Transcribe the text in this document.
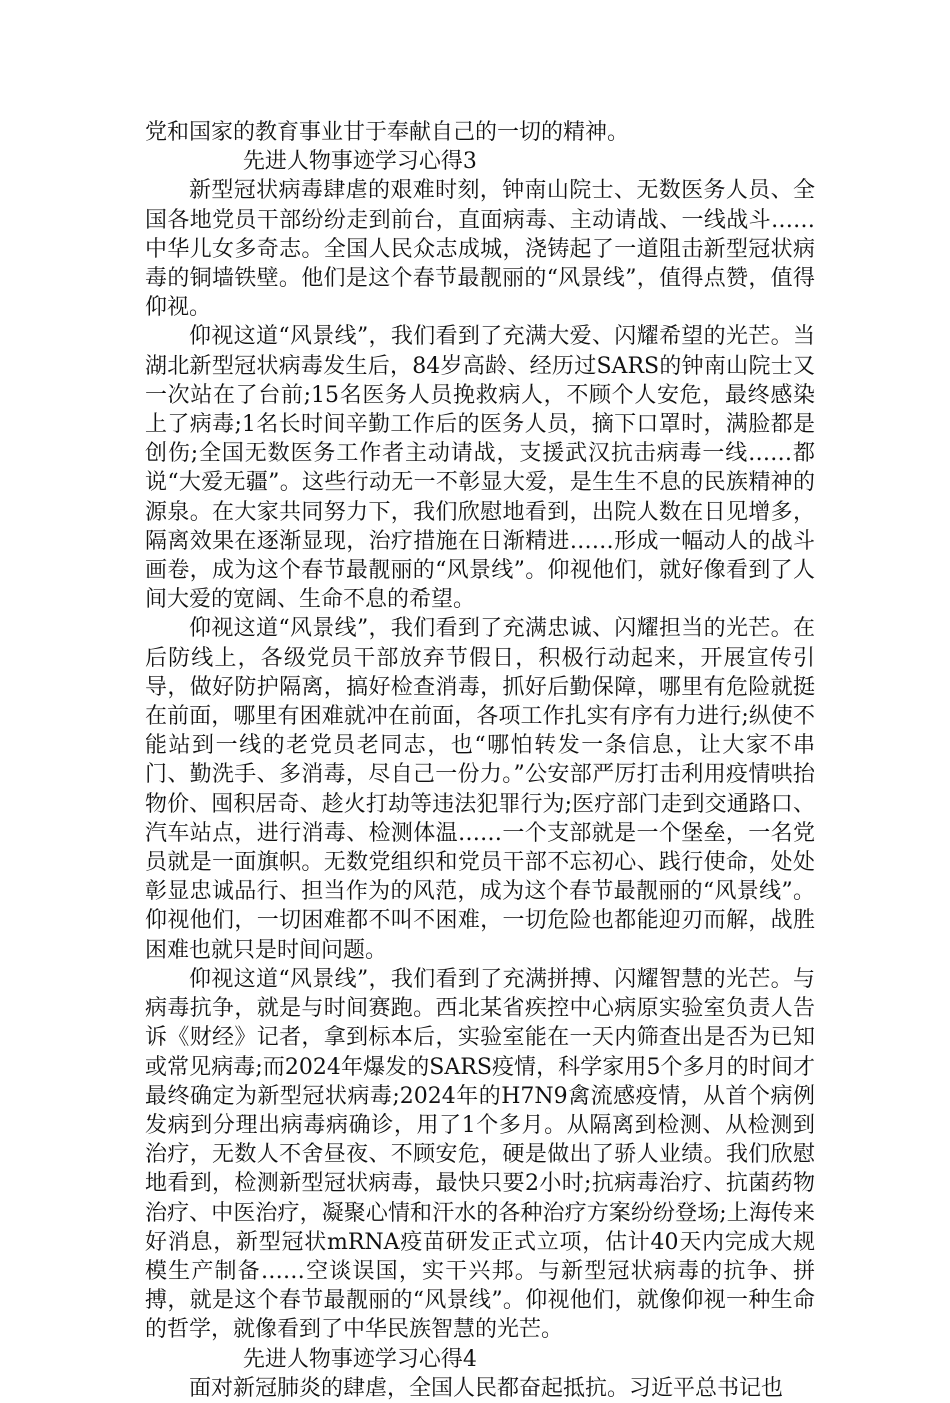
党和国家的教育事业甘于奉献自己的一切的精神。

先进人物事迹学习心得3

新型冠状病毒肆虐的艰难时刻，钟南山院士、无数医务人员、全国各地党员干部纷纷走到前台，直面病毒、主动请战、一线战斗……中华儿女多奇志。全国人民众志成城，浇铸起了一道阻击新型冠状病毒的铜墙铁壁。他们是这个春节最靓丽的“风景线”，值得点赞，值得仰视。

仰视这道“风景线”，我们看到了充满大爱、闪耀希望的光芒。当湖北新型冠状病毒发生后，84岁高龄、经历过SARS的钟南山院士又一次站在了台前;15名医务人员挽救病人，不顾个人安危，最终感染上了病毒;1名长时间辛勤工作后的医务人员，摘下口罩时，满脸都是创伤;全国无数医务工作者主动请战，支援武汉抗击病毒一线……都说“大爱无疆”。这些行动无一不彰显大爱，是生生不息的民族精神的源泉。在大家共同努力下，我们欣慰地看到，出院人数在日见增多，隔离效果在逐渐显现，治疗措施在日渐精进……形成一幅动人的战斗画卷，成为这个春节最靓丽的“风景线”。仰视他们，就好像看到了人间大爱的宽阔、生命不息的希望。

仰视这道“风景线”，我们看到了充满忠诚、闪耀担当的光芒。在后防线上，各级党员干部放弃节假日，积极行动起来，开展宣传引导，做好防护隔离，搞好检查消毒，抓好后勤保障，哪里有危险就挺在前面，哪里有困难就冲在前面，各项工作扎实有序有力进行;纵使不能站到一线的老党员老同志，也“哪怕转发一条信息，让大家不串门、勤洗手、多消毒，尽自己一份力。”公安部严厉打击利用疫情哄抬物价、囤积居奇、趁火打劫等违法犯罪行为;医疗部门走到交通路口、汽车站点，进行消毒、检测体温……一个支部就是一个堡垒，一名党员就是一面旗帜。无数党组织和党员干部不忘初心、践行使命，处处彰显忠诚品行、担当作为的风范，成为这个春节最靓丽的“风景线”。仰视他们，一切困难都不叫不困难，一切危险也都能迎刃而解，战胜困难也就只是时间问题。

仰视这道“风景线”，我们看到了充满拼搏、闪耀智慧的光芒。与病毒抗争，就是与时间赛跑。西北某省疾控中心病原实验室负责人告诉《财经》记者，拿到标本后，实验室能在一天内筛查出是否为已知或常见病毒;而2024年爆发的SARS疫情，科学家用5个多月的时间才最终确定为新型冠状病毒;2024年的H7N9禽流感疫情，从首个病例发病到分理出病毒病确诊，用了1个多月。从隔离到检测、从检测到治疗，无数人不舍昼夜、不顾安危，硬是做出了骄人业绩。我们欣慰地看到，检测新型冠状病毒，最快只要2小时;抗病毒治疗、抗菌药物治疗、中医治疗，凝聚心情和汗水的各种治疗方案纷纷登场;上海传来好消息，新型冠状mRNA疫苗研发正式立项，估计40天内完成大规模生产制备……空谈误国，实干兴邦。与新型冠状病毒的抗争、拼搏，就是这个春节最靓丽的“风景线”。仰视他们，就像仰视一种生命的哲学，就像看到了中华民族智慧的光芒。

先进人物事迹学习心得4

面对新冠肺炎的肆虐，全国人民都奋起抵抗。习近平总书记也
